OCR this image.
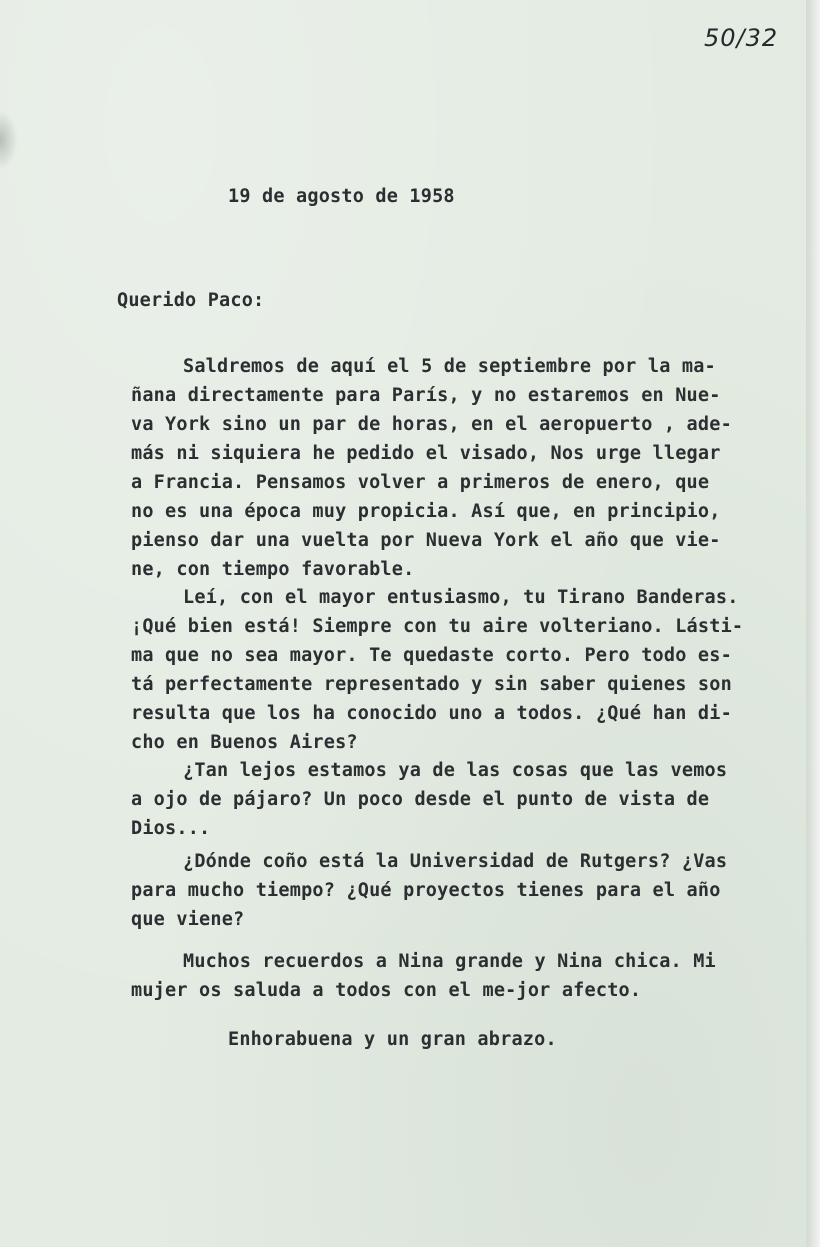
50/32
19 de agosto de 1958
Querido Paco:
Saldremos de aquí el 5 de septiembre por la ma-
ñana directamente para París, y no estaremos en Nue-
va York sino un par de horas, en el aeropuerto , ade-
más ni siquiera he pedido el visado, Nos urge llegar
a Francia. Pensamos volver a primeros de enero, que
no es una época muy propicia. Así que, en principio,
pienso dar una vuelta por Nueva York el año que vie-
ne, con tiempo favorable.
Leí, con el mayor entusiasmo, tu Tirano Banderas.
¡Qué bien está! Siempre con tu aire volteriano. Lásti-
ma que no sea mayor. Te quedaste corto. Pero todo es-
tá perfectamente representado y sin saber quienes son
resulta que los ha conocido uno a todos. ¿Qué han di-
cho en Buenos Aires?
¿Tan lejos estamos ya de las cosas que las vemos
a ojo de pájaro? Un poco desde el punto de vista de
Dios...
¿Dónde coño está la Universidad de Rutgers? ¿Vas
para mucho tiempo? ¿Qué proyectos tienes para el año
que viene?
Muchos recuerdos a Nina grande y Nina chica. Mi
mujer os saluda a todos con el me-jor afecto.
Enhorabuena y un gran abrazo.
